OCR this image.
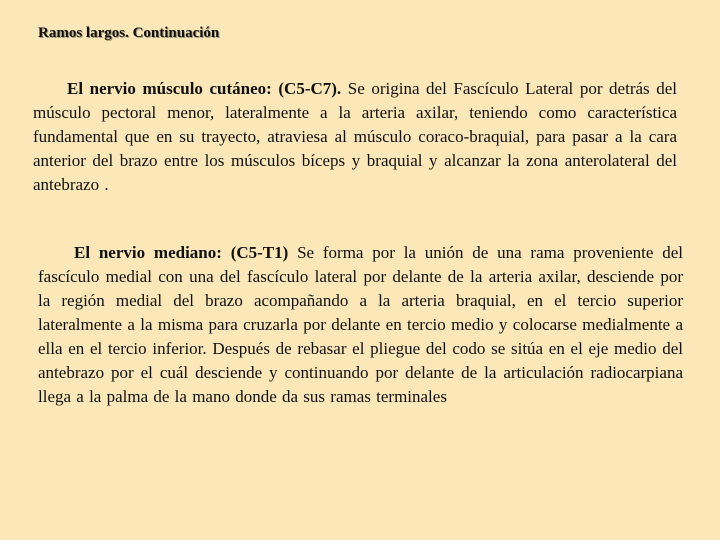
Ramos largos. Continuación

El nervio músculo cutáneo: (C5-C7). Se origina del Fascículo Lateral por detrás del músculo pectoral menor, lateralmente a la arteria axilar, teniendo como característica fundamental que en su trayecto, atraviesa al músculo coraco-braquial, para pasar a la cara anterior del brazo entre los músculos bíceps y braquial y alcanzar la zona anterolateral del antebrazo .

El nervio mediano: (C5-T1) Se forma por la unión de una rama proveniente del fascículo medial con una del fascículo lateral por delante de la arteria axilar, desciende por la región medial del brazo acompañando a la arteria braquial, en el tercio superior lateralmente a la misma para cruzarla por delante en tercio medio y colocarse medialmente a ella en el tercio inferior. Después de rebasar el pliegue del codo se sitúa en el eje medio del antebrazo por el cuál desciende y continuando por delante de la articulación radiocarpiana llega a la palma de la mano donde da sus ramas terminales
